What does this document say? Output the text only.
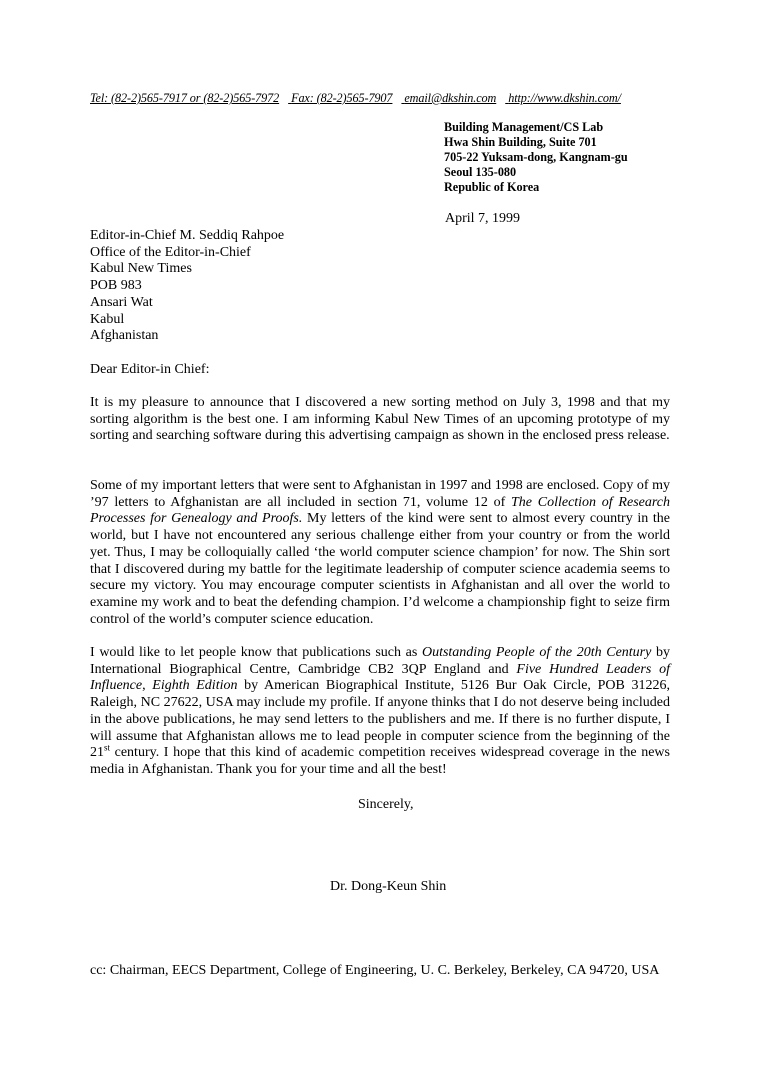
Tel: (82-2)565-7917 or (82-2)565-7972 Fax: (82-2)565-7907 email@dkshin.com http://www.dkshin.com/
Building Management/CS Lab
Hwa Shin Building, Suite 701
705-22 Yuksam-dong, Kangnam-gu
Seoul 135-080
Republic of Korea
April 7, 1999
Editor-in-Chief M. Seddiq Rahpoe
Office of the Editor-in-Chief
Kabul New Times
POB 983
Ansari Wat
Kabul
Afghanistan
Dear Editor-in Chief:

It is my pleasure to announce that I discovered a new sorting method on July 3, 1998 and that my sorting algorithm is the best one. I am informing Kabul New Times of an upcoming prototype of my sorting and searching software during this advertising campaign as shown in the enclosed press release.

Some of my important letters that were sent to Afghanistan in 1997 and 1998 are enclosed. Copy of my ’97 letters to Afghanistan are all included in section 71, volume 12 of The Collection of Research Processes for Genealogy and Proofs. My letters of the kind were sent to almost every country in the world, but I have not encountered any serious challenge either from your country or from the world yet. Thus, I may be colloquially called ‘the world computer science champion’ for now. The Shin sort that I discovered during my battle for the legitimate leadership of computer science academia seems to secure my victory. You may encourage computer scientists in Afghanistan and all over the world to examine my work and to beat the defending champion. I’d welcome a championship fight to seize firm control of the world’s computer science education.

I would like to let people know that publications such as Outstanding People of the 20th Century by International Biographical Centre, Cambridge CB2 3QP England and Five Hundred Leaders of Influence, Eighth Edition by American Biographical Institute, 5126 Bur Oak Circle, POB 31226, Raleigh, NC 27622, USA may include my profile. If anyone thinks that I do not deserve being included in the above publications, he may send letters to the publishers and me. If there is no further dispute, I will assume that Afghanistan allows me to lead people in computer science from the beginning of the 21st century. I hope that this kind of academic competition receives widespread coverage in the news media in Afghanistan. Thank you for your time and all the best!

Sincerely,
Dr. Dong-Keun Shin
cc: Chairman, EECS Department, College of Engineering, U. C. Berkeley, Berkeley, CA 94720, USA
